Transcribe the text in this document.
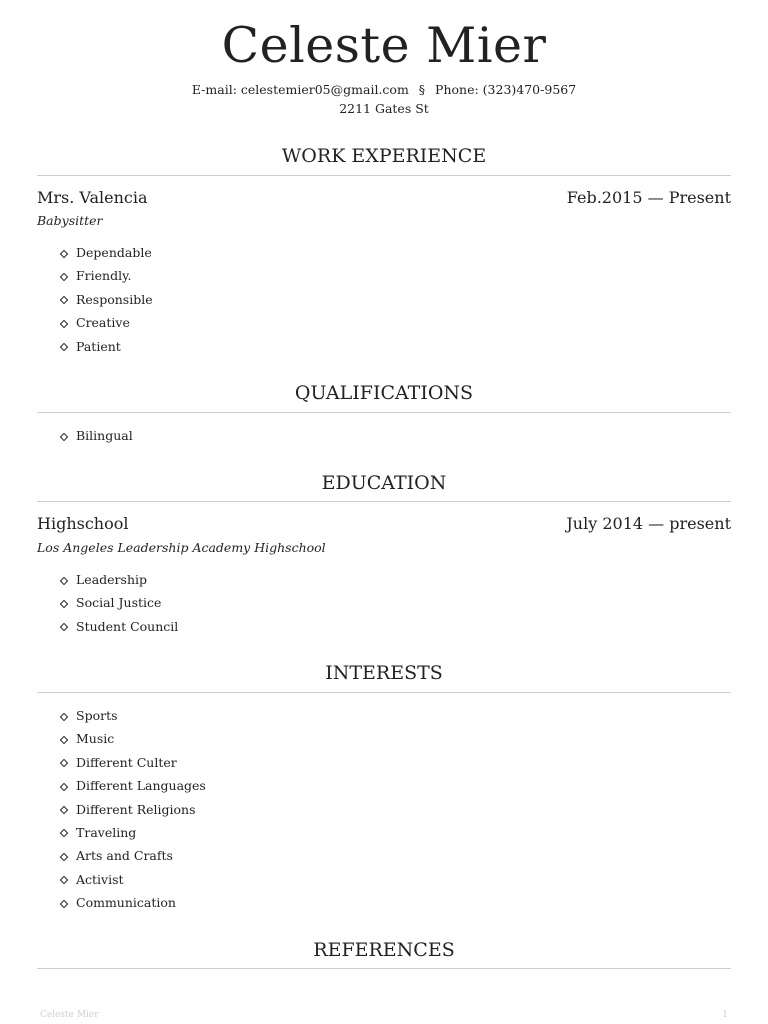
Celeste Mier
E-mail: celestemier05@gmail.com § Phone: (323)470-9567
2211 Gates St
WORK EXPERIENCE
Mrs. Valencia	Feb.2015 — Present
Babysitter
Dependable
Friendly.
Responsible
Creative
Patient
QUALIFICATIONS
Bilingual
EDUCATION
Highschool	July 2014 — present
Los Angeles Leadership Academy Highschool
Leadership
Social Justice
Student Council
INTERESTS
Sports
Music
Different Culter
Different Languages
Different Religions
Traveling
Arts and Crafts
Activist
Communication
REFERENCES
Celeste Mier	1
